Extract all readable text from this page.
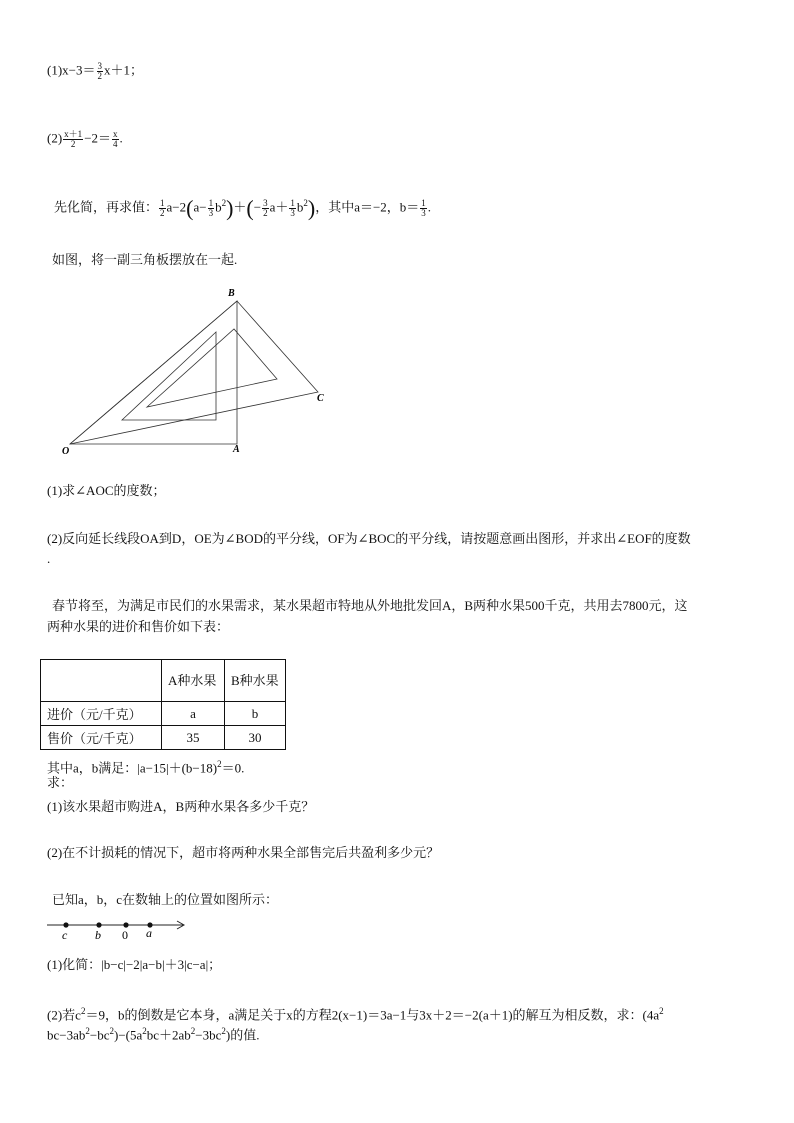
$(1)x-3= \frac{3}{2} x+1$；
$(2) \frac{x+1}{2} -2= \frac{x}{4}$ .
先化简，再求值： $\frac{1}{2} a-2(a- \frac{1}{3} b^2)+(- \frac{3}{2} a+ \frac{1}{3} b^2)$，其中a＝−2，$b= \frac{1}{3}$ .
如图，将一副三角板摆放在一起.
B
C
O	A
(1)求∠AOC的度数；
(2)反向延长线段OA到D，OE为∠BOD的平分线，OF为∠BOC的平分线，请按题意画出图形，并求出∠EOF的度数
.
春节将至，为满足市民们的水果需求，某水果超市特地从外地批发回A，B两种水果500千克，共用去7800元，这
两种水果的进价和售价如下表：
	A种水果	B种水果
进价（元/千克）	a	b
售价（元/千克）	35	30
其中a，b满足：$|a-15|+(b-18)^2=0$.
求：
(1)该水果超市购进A，B两种水果各多少千克？
(2)在不计损耗的情况下，超市将两种水果全部售完后共盈利多少元？
已知a，b，c在数轴上的位置如图所示：
c b 0 a
(1)化简：|b−c|−2|a−b|＋3|c−a|；
(2)若$c^2=9$，b的倒数是它本身，a满足关于x的方程2(x−1)＝3a−1与3x＋2＝−2(a＋1)的解互为相反数，求：($4a^2$
$bc-3ab^2-bc^2)-(5a^2bc+2ab^2-3bc^2)$的值.
